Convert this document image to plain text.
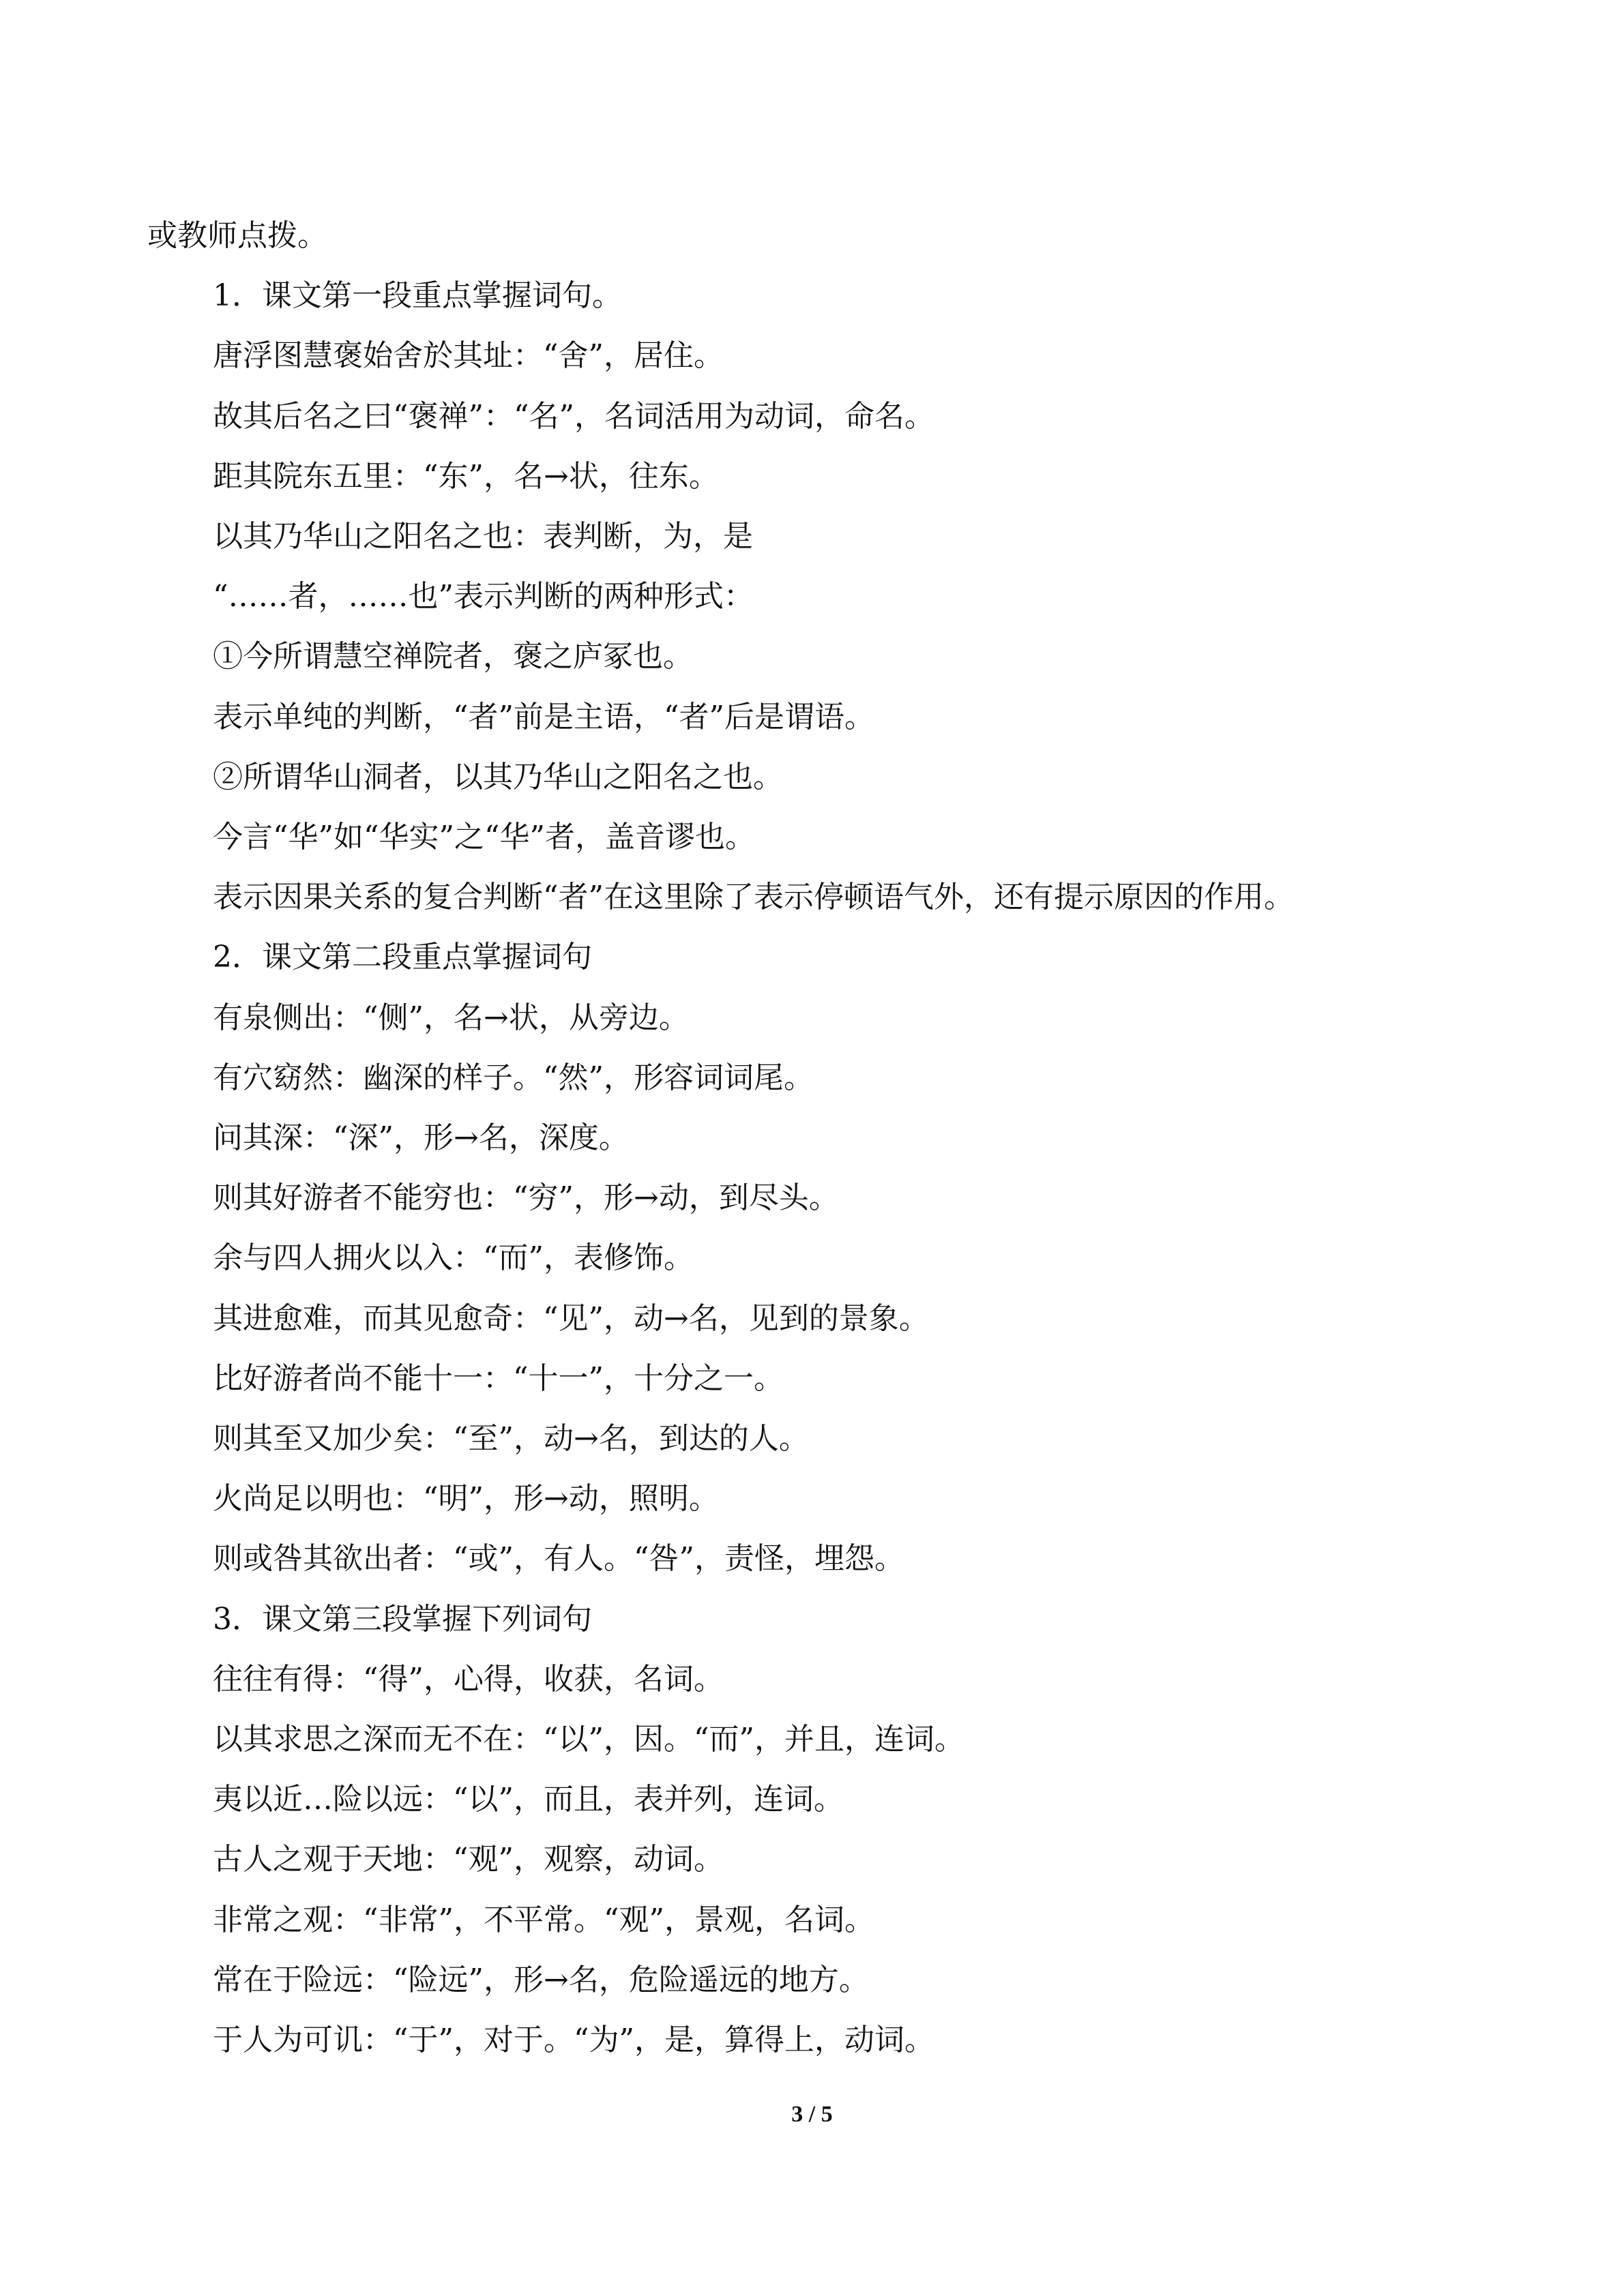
或教师点拨。
1．课文第一段重点掌握词句。
唐浮图慧褒始舍於其址：“舍”，居住。
故其后名之曰“褒禅”：“名”，名词活用为动词，命名。
距其院东五里：“东”，名→状，往东。
以其乃华山之阳名之也：表判断，为，是
“……者，……也”表示判断的两种形式：
①今所谓慧空禅院者，褒之庐冢也。
表示单纯的判断，“者”前是主语，“者”后是谓语。
②所谓华山洞者，以其乃华山之阳名之也。
今言“华”如“华实”之“华”者，盖音谬也。
表示因果关系的复合判断“者”在这里除了表示停顿语气外，还有提示原因的作用。
2．课文第二段重点掌握词句
有泉侧出：“侧”，名→状，从旁边。
有穴窈然：幽深的样子。“然”，形容词词尾。
问其深：“深”，形→名，深度。
则其好游者不能穷也：“穷”，形→动，到尽头。
余与四人拥火以入：“而”，表修饰。
其进愈难，而其见愈奇：“见”，动→名，见到的景象。
比好游者尚不能十一：“十一”，十分之一。
则其至又加少矣：“至”，动→名，到达的人。
火尚足以明也：“明”，形→动，照明。
则或咎其欲出者：“或”，有人。“咎”，责怪，埋怨。
3．课文第三段掌握下列词句
往往有得：“得”，心得，收获，名词。
以其求思之深而无不在：“以”，因。“而”，并且，连词。
夷以近…险以远：“以”，而且，表并列，连词。
古人之观于天地：“观”，观察，动词。
非常之观：“非常”，不平常。“观”，景观，名词。
常在于险远：“险远”，形→名，危险遥远的地方。
于人为可讥：“于”，对于。“为”，是，算得上，动词。
3 / 5
